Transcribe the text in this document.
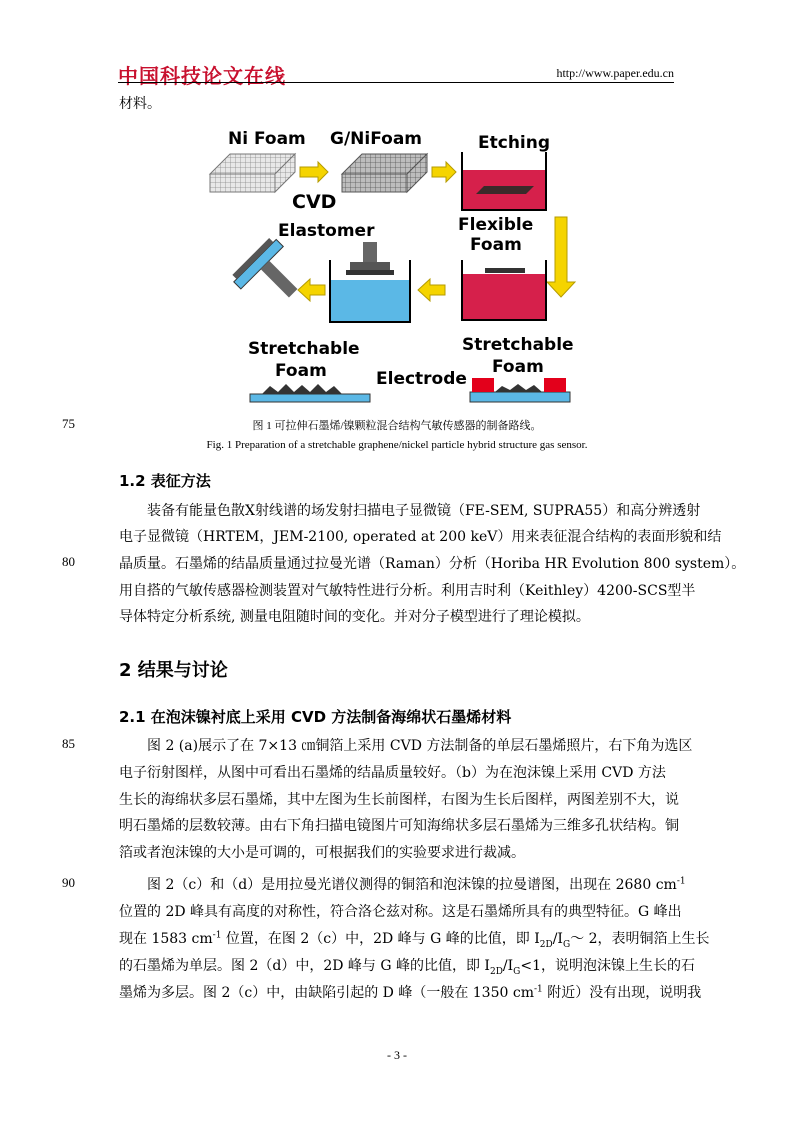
中国科技论文在线	http://www.paper.edu.cn
材料。
Ni Foam G/NiFoam
CVD
Etching
Flexible
Foam
Elastomer
Stretchable
Foam
Stretchable
Foam
Electrode
75	图 1 可拉伸石墨烯/镍颗粒混合结构气敏传感器的制备路线。
Fig. 1 Preparation of a stretchable graphene/nickel particle hybrid structure gas sensor.
1.2 表征方法
装备有能量色散X射线谱的场发射扫描电子显微镜（FE-SEM, SUPRA55）和高分辨透射
电子显微镜（HRTEM，JEM-2100, operated at 200 keV）用来表征混合结构的表面形貌和结
晶质量。石墨烯的结晶质量通过拉曼光谱（Raman）分析（Horiba HR Evolution 800 system）。
80
用自搭的气敏传感器检测装置对气敏特性进行分析。利用吉时利（Keithley）4200-SCS型半
导体特定分析系统, 测量电阻随时间的变化。并对分子模型进行了理论模拟。
2 结果与讨论
2.1 在泡沫镍衬底上采用 CVD 方法制备海绵状石墨烯材料
85	图 2 (a)展示了在 7×13 ㎝铜箔上采用 CVD 方法制备的单层石墨烯照片，右下角为选区
电子衍射图样，从图中可看出石墨烯的结晶质量较好。（b）为在泡沫镍上采用 CVD 方法
生长的海绵状多层石墨烯，其中左图为生长前图样，右图为生长后图样，两图差别不大，说
明石墨烯的层数较薄。由右下角扫描电镜图片可知海绵状多层石墨烯为三维多孔状结构。铜
箔或者泡沫镍的大小是可调的，可根据我们的实验要求进行裁减。
90	图 2（c）和（d）是用拉曼光谱仪测得的铜箔和泡沫镍的拉曼谱图，出现在 2680 $cm^{-1}$
位置的 2D 峰具有高度的对称性，符合洛仑兹对称。这是石墨烯所具有的典型特征。G 峰出
现在 1583 $cm^{-1}$ 位置，在图 2（c）中，2D 峰与 G 峰的比值，即 $I_{2D}/I_G\sim$ 2，表明铜箔上生长
的石墨烯为单层。图 2（d）中，2D 峰与 G 峰的比值，即 $I_{2D}/I_G<1$，说明泡沫镍上生长的石
墨烯为多层。图 2（c）中，由缺陷引起的 D 峰（一般在 1350 $cm^{-1}$ 附近）没有出现，说明我
- 3 -
